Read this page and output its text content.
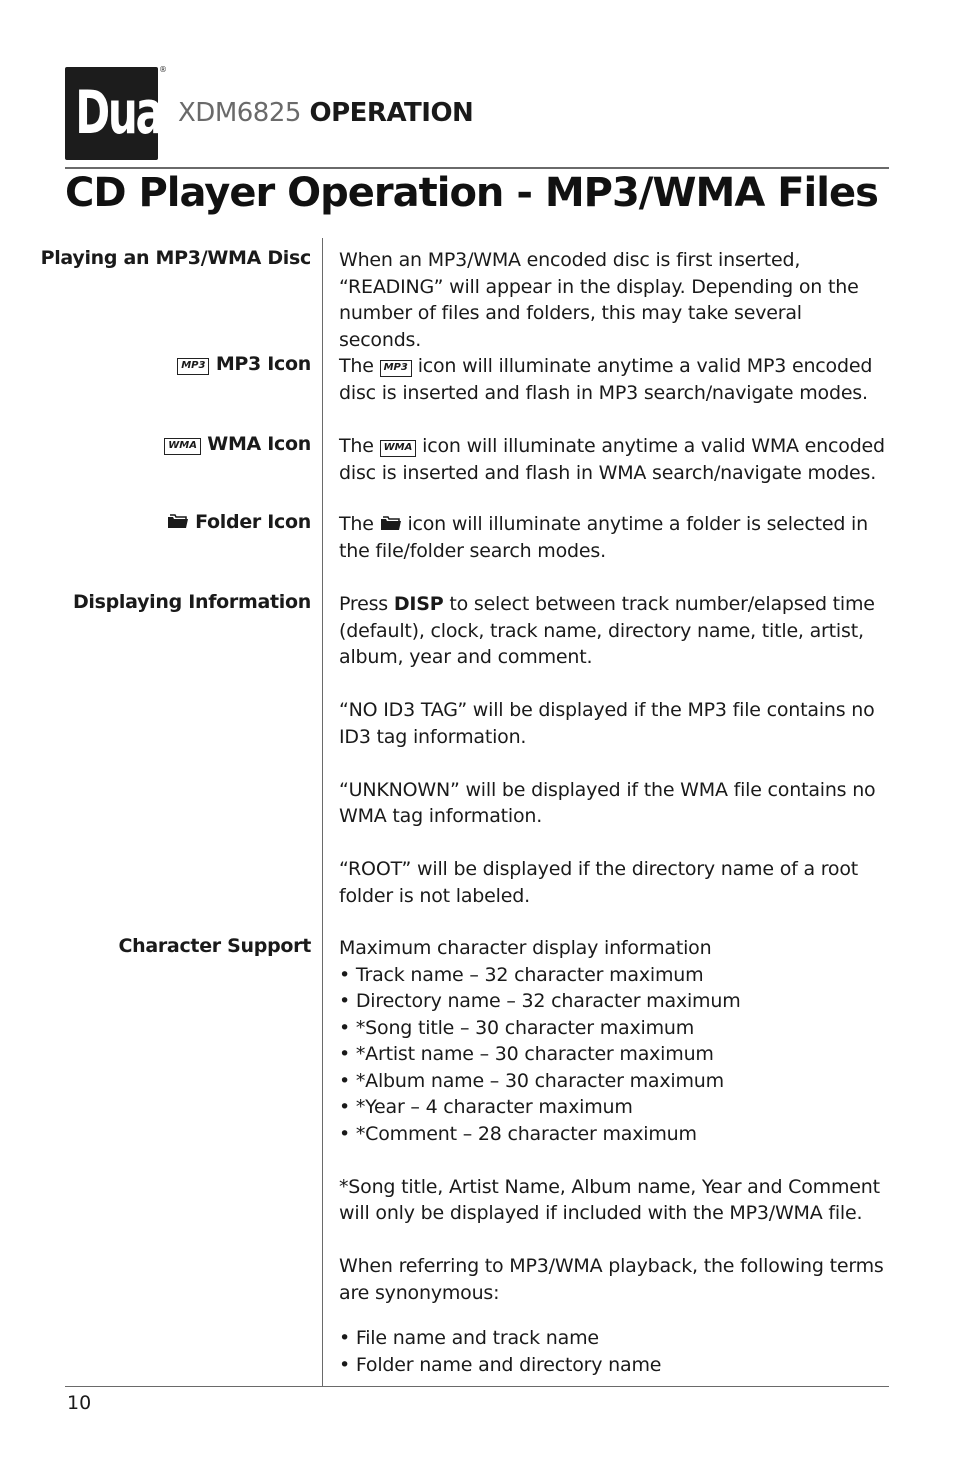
Dual
®
XDM6825 OPERATION
CD Player Operation - MP3/WMA Files
Playing an MP3/WMA Disc When an MP3/WMA encoded disc is first inserted, “READING” will appear in the display. Depending on the number of files and folders, this may take several seconds.

MP3 MP3 Icon The MP3 icon will illuminate anytime a valid MP3 encoded disc is inserted and flash in MP3 search/navigate modes.

WMA WMA Icon The WMA icon will illuminate anytime a valid WMA encoded disc is inserted and flash in WMA search/navigate modes.

Folder Icon The icon will illuminate anytime a folder is selected in the file/folder search modes.

Displaying Information Press DISP to select between track number/elapsed time (default), clock, track name, directory name, title, artist, album, year and comment.

“NO ID3 TAG” will be displayed if the MP3 file contains no ID3 tag information.

“UNKNOWN” will be displayed if the WMA file contains no WMA tag information.

“ROOT” will be displayed if the directory name of a root folder is not labeled.

Character Support Maximum character display information

• Track name – 32 character maximum
• Directory name – 32 character maximum
• *Song title – 30 character maximum
• *Artist name – 30 character maximum
• *Album name – 30 character maximum
• *Year – 4 character maximum
• *Comment – 28 character maximum

*Song title, Artist Name, Album name, Year and Comment will only be displayed if included with the MP3/WMA file.

When referring to MP3/WMA playback, the following terms are synonymous:

• File name and track name
• Folder name and directory name
10
